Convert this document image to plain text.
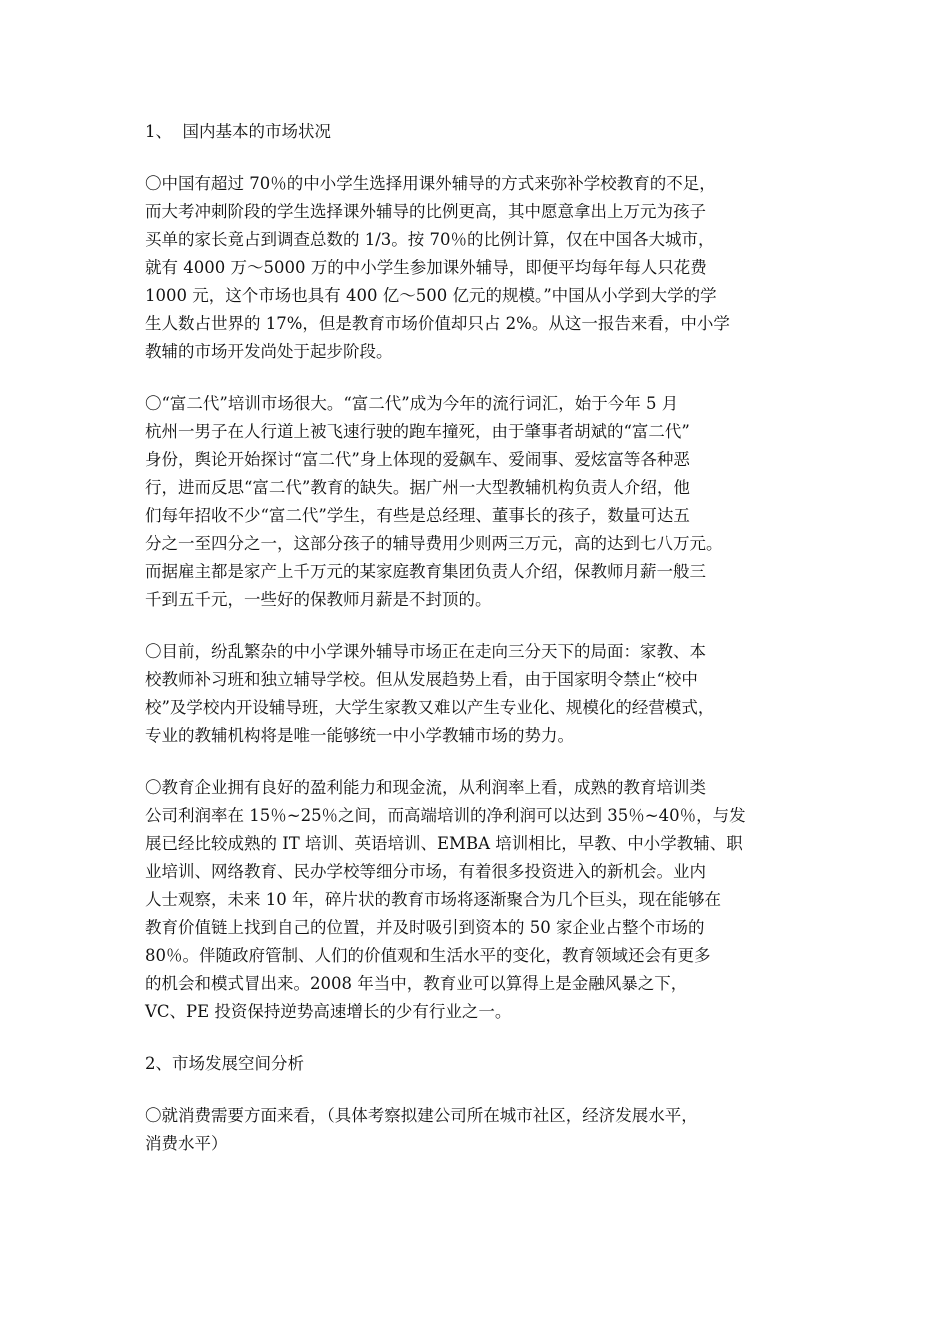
1、  国内基本的市场状况
〇中国有超过 70％的中小学生选择用课外辅导的方式来弥补学校教育的不足，
而大考冲刺阶段的学生选择课外辅导的比例更高，其中愿意拿出上万元为孩子
买单的家长竟占到调查总数的 1/3。按 70％的比例计算，仅在中国各大城市，
就有 4000 万～5000 万的中小学生参加课外辅导，即便平均每年每人只花费
1000 元，这个市场也具有 400 亿～500 亿元的规模。”中国从小学到大学的学
生人数占世界的 17%，但是教育市场价值却只占 2%。从这一报告来看，中小学
教辅的市场开发尚处于起步阶段。
〇“富二代”培训市场很大。“富二代”成为今年的流行词汇，始于今年 5 月
杭州一男子在人行道上被飞速行驶的跑车撞死，由于肇事者胡斌的“富二代”
身份，舆论开始探讨“富二代”身上体现的爱飙车、爱闹事、爱炫富等各种恶
行，进而反思“富二代”教育的缺失。据广州一大型教辅机构负责人介绍，他
们每年招收不少“富二代”学生，有些是总经理、董事长的孩子，数量可达五
分之一至四分之一，这部分孩子的辅导费用少则两三万元，高的达到七八万元。
而据雇主都是家产上千万元的某家庭教育集团负责人介绍，保教师月薪一般三
千到五千元，一些好的保教师月薪是不封顶的。
〇目前，纷乱繁杂的中小学课外辅导市场正在走向三分天下的局面：家教、本
校教师补习班和独立辅导学校。但从发展趋势上看，由于国家明令禁止“校中
校”及学校内开设辅导班，大学生家教又难以产生专业化、规模化的经营模式，
专业的教辅机构将是唯一能够统一中小学教辅市场的势力。
〇教育企业拥有良好的盈利能力和现金流，从利润率上看，成熟的教育培训类
公司利润率在 15％~25％之间，而高端培训的净利润可以达到 35％~40％，与发
展已经比较成熟的 IT 培训、英语培训、EMBA 培训相比，早教、中小学教辅、职
业培训、网络教育、民办学校等细分市场，有着很多投资进入的新机会。业内
人士观察，未来 10 年，碎片状的教育市场将逐渐聚合为几个巨头，现在能够在
教育价值链上找到自己的位置，并及时吸引到资本的 50 家企业占整个市场的
80％。伴随政府管制、人们的价值观和生活水平的变化，教育领域还会有更多
的机会和模式冒出来。2008 年当中，教育业可以算得上是金融风暴之下，
VC、PE 投资保持逆势高速增长的少有行业之一。
2、市场发展空间分析
〇就消费需要方面来看，（具体考察拟建公司所在城市社区，经济发展水平，
消费水平）
